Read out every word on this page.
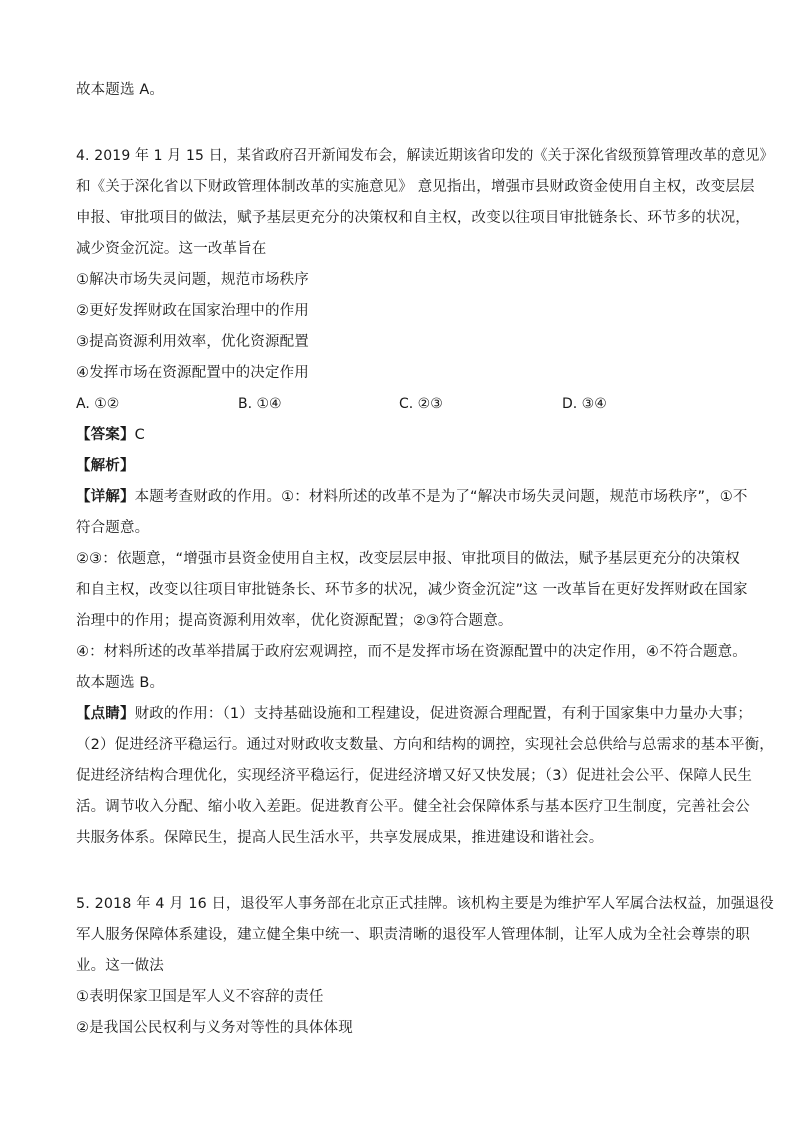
故本题选 A。
4. 2019 年 1 月 15 日，某省政府召开新闻发布会，解读近期该省印发的《关于深化省级预算管理改革的意见》
和《关于深化省以下财政管理体制改革的实施意见》 意见指出，增强市县财政资金使用自主权，改变层层
申报、审批项目的做法，赋予基层更充分的决策权和自主权，改变以往项目审批链条长、环节多的状况，
减少资金沉淀。这一改革旨在
①解决市场失灵问题，规范市场秩序
②更好发挥财政在国家治理中的作用
③提高资源利用效率，优化资源配置
④发挥市场在资源配置中的决定作用
A. ①②	B. ①④	C. ②③	D. ③④
【答案】C
【解析】
【详解】本题考查财政的作用。①：材料所述的改革不是为了“解决市场失灵问题，规范市场秩序”，①不
符合题意。
②③：依题意，“增强市县资金使用自主权，改变层层申报、审批项目的做法，赋予基层更充分的决策权
和自主权，改变以往项目审批链条长、环节多的状况，减少资金沉淀”这 一改革旨在更好发挥财政在国家
治理中的作用；提高资源利用效率，优化资源配置；②③符合题意。
④：材料所述的改革举措属于政府宏观调控，而不是发挥市场在资源配置中的决定作用，④不符合题意。
故本题选 B。
【点睛】财政的作用：（1）支持基础设施和工程建设，促进资源合理配置，有利于国家集中力量办大事；
（2）促进经济平稳运行。通过对财政收支数量、方向和结构的调控，实现社会总供给与总需求的基本平衡，
促进经济结构合理优化，实现经济平稳运行，促进经济增又好又快发展；（3）促进社会公平、保障人民生
活。调节收入分配、缩小收入差距。促进教育公平。健全社会保障体系与基本医疗卫生制度，完善社会公
共服务体系。保障民生，提高人民生活水平，共享发展成果，推进建设和谐社会。
5. 2018 年 4 月 16 日，退役军人事务部在北京正式挂牌。该机构主要是为维护军人军属合法权益，加强退役
军人服务保障体系建设，建立健全集中统一、职责清晰的退役军人管理体制，让军人成为全社会尊崇的职
业。这一做法
①表明保家卫国是军人义不容辞的责任
②是我国公民权利与义务对等性的具体体现
